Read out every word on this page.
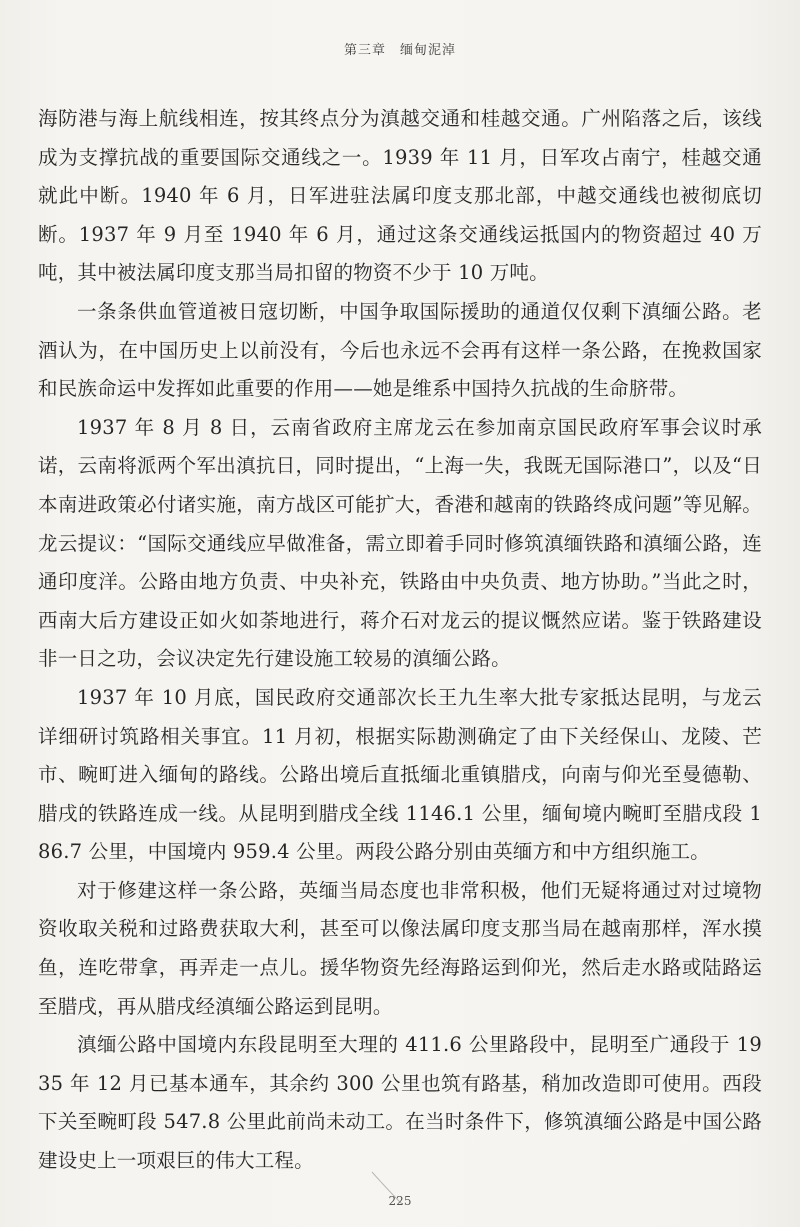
第三章 缅甸泥淖

海防港与海上航线相连，按其终点分为滇越交通和桂越交通。广州陷落之后，该线成为支撑抗战的重要国际交通线之一。1939 年 11 月，日军攻占南宁，桂越交通就此中断。1940 年 6 月，日军进驻法属印度支那北部，中越交通线也被彻底切断。1937 年 9 月至 1940 年 6 月，通过这条交通线运抵国内的物资超过 40 万吨，其中被法属印度支那当局扣留的物资不少于 10 万吨。

一条条供血管道被日寇切断，中国争取国际援助的通道仅仅剩下滇缅公路。老酒认为，在中国历史上以前没有，今后也永远不会再有这样一条公路，在挽救国家和民族命运中发挥如此重要的作用——她是维系中国持久抗战的生命脐带。

1937 年 8 月 8 日，云南省政府主席龙云在参加南京国民政府军事会议时承诺，云南将派两个军出滇抗日，同时提出，“上海一失，我既无国际港口”，以及“日本南进政策必付诸实施，南方战区可能扩大，香港和越南的铁路终成问题”等见解。龙云提议：“国际交通线应早做准备，需立即着手同时修筑滇缅铁路和滇缅公路，连通印度洋。公路由地方负责、中央补充，铁路由中央负责、地方协助。”当此之时，西南大后方建设正如火如荼地进行，蒋介石对龙云的提议慨然应诺。鉴于铁路建设非一日之功，会议决定先行建设施工较易的滇缅公路。

1937 年 10 月底，国民政府交通部次长王九生率大批专家抵达昆明，与龙云详细研讨筑路相关事宜。11 月初，根据实际勘测确定了由下关经保山、龙陵、芒市、畹町进入缅甸的路线。公路出境后直抵缅北重镇腊戌，向南与仰光至曼德勒、腊戌的铁路连成一线。从昆明到腊戌全线 1146.1 公里，缅甸境内畹町至腊戌段 186.7 公里，中国境内 959.4 公里。两段公路分别由英缅方和中方组织施工。

对于修建这样一条公路，英缅当局态度也非常积极，他们无疑将通过对过境物资收取关税和过路费获取大利，甚至可以像法属印度支那当局在越南那样，浑水摸鱼，连吃带拿，再弄走一点儿。援华物资先经海路运到仰光，然后走水路或陆路运至腊戌，再从腊戌经滇缅公路运到昆明。

滇缅公路中国境内东段昆明至大理的 411.6 公里路段中，昆明至广通段于 1935 年 12 月已基本通车，其余约 300 公里也筑有路基，稍加改造即可使用。西段下关至畹町段 547.8 公里此前尚未动工。在当时条件下，修筑滇缅公路是中国公路建设史上一项艰巨的伟大工程。

225
